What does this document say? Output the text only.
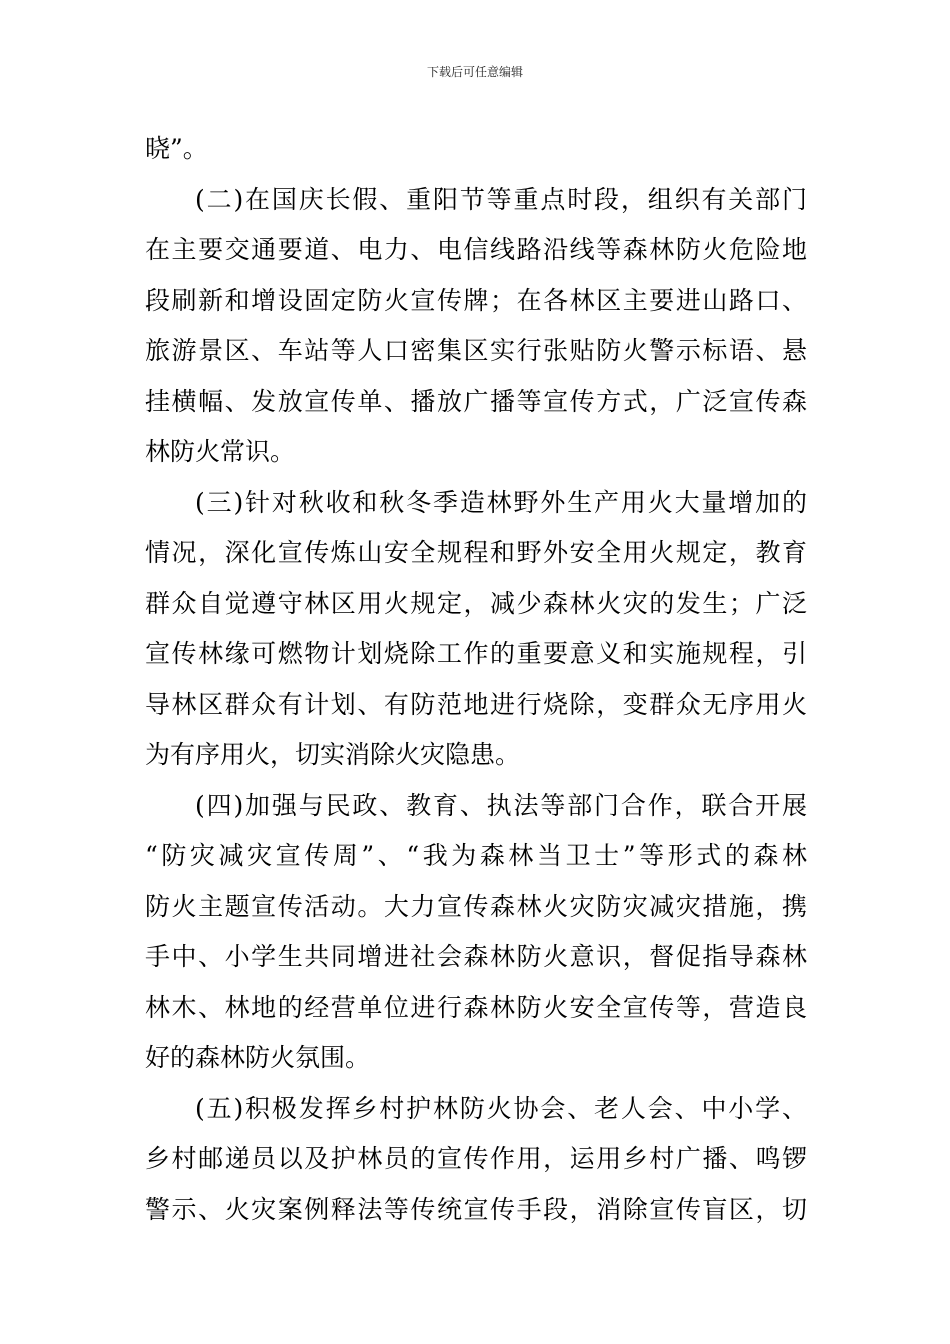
下载后可任意编辑
晓”。
(二)在国庆长假、重阳节等重点时段，组织有关部门
在主要交通要道、电力、电信线路沿线等森林防火危险地
段刷新和增设固定防火宣传牌；在各林区主要进山路口、
旅游景区、车站等人口密集区实行张贴防火警示标语、悬
挂横幅、发放宣传单、播放广播等宣传方式，广泛宣传森
林防火常识。
(三)针对秋收和秋冬季造林野外生产用火大量增加的
情况，深化宣传炼山安全规程和野外安全用火规定，教育
群众自觉遵守林区用火规定，减少森林火灾的发生；广泛
宣传林缘可燃物计划烧除工作的重要意义和实施规程，引
导林区群众有计划、有防范地进行烧除，变群众无序用火
为有序用火，切实消除火灾隐患。
(四)加强与民政、教育、执法等部门合作，联合开展
“防灾减灾宣传周”、“我为森林当卫士”等形式的森林
防火主题宣传活动。大力宣传森林火灾防灾减灾措施，携
手中、小学生共同增进社会森林防火意识，督促指导森林
林木、林地的经营单位进行森林防火安全宣传等，营造良
好的森林防火氛围。
(五)积极发挥乡村护林防火协会、老人会、中小学、
乡村邮递员以及护林员的宣传作用，运用乡村广播、鸣锣
警示、火灾案例释法等传统宣传手段，消除宣传盲区，切
